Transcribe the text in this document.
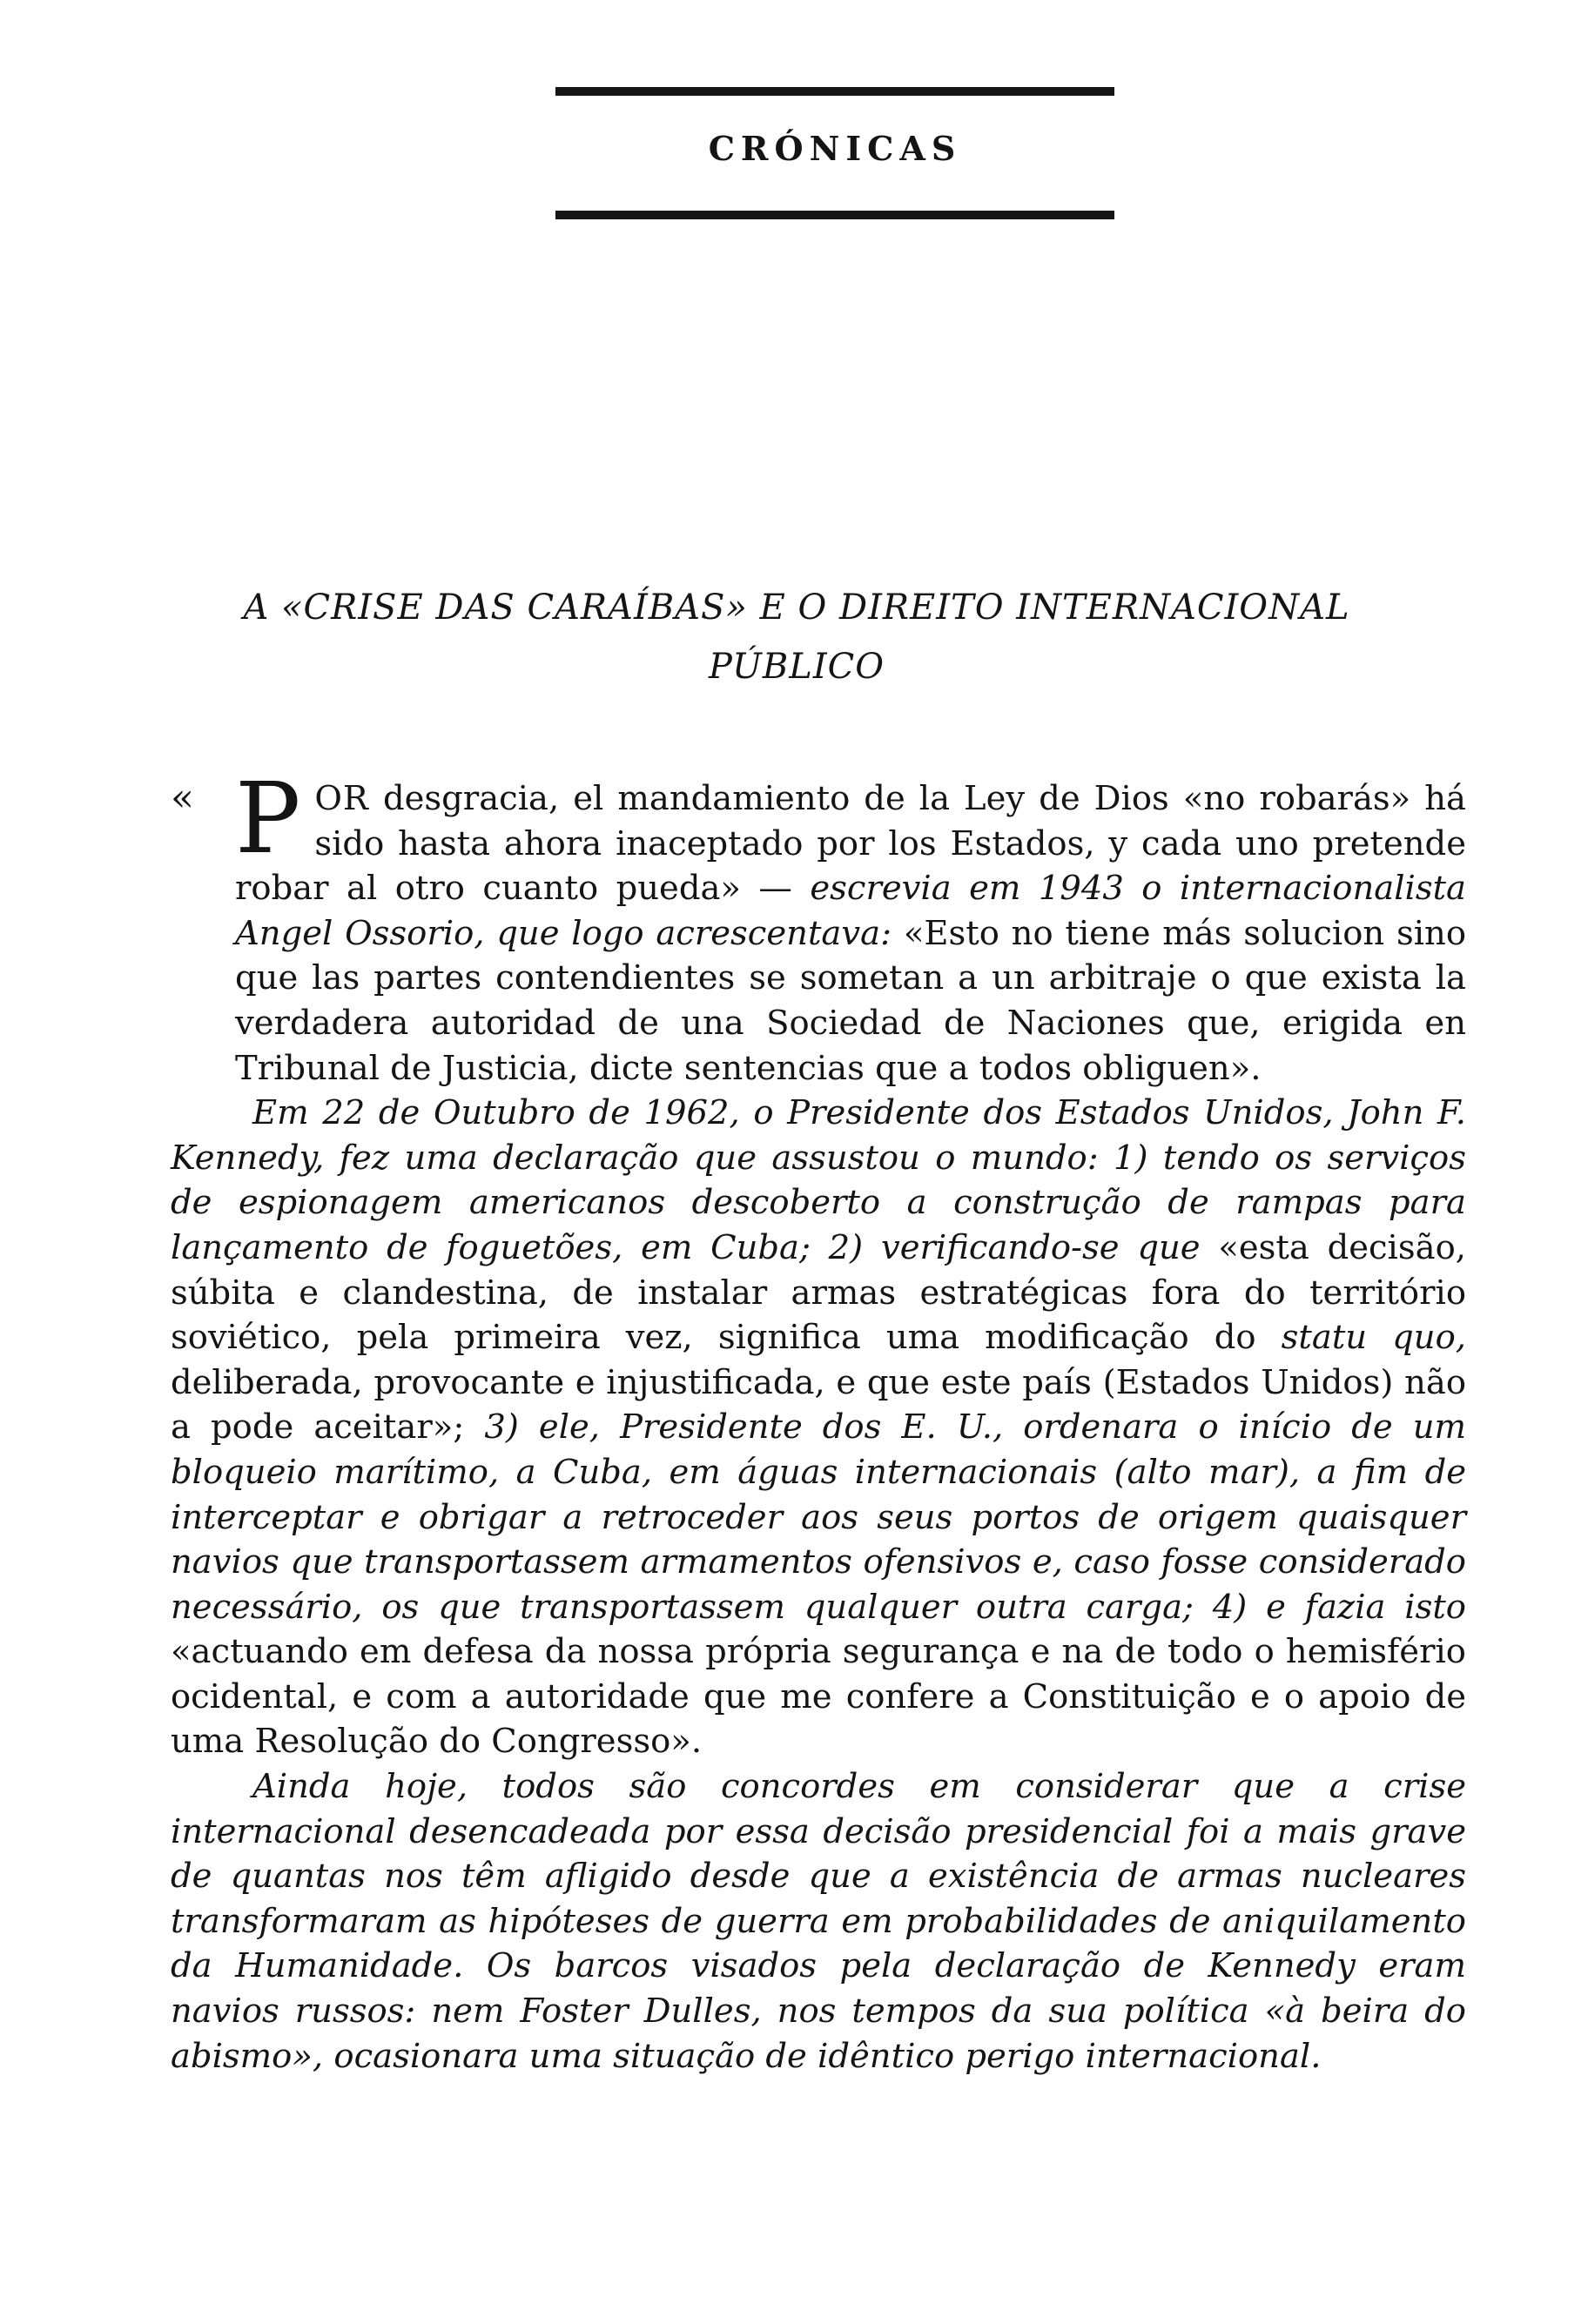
CRÓNICAS
A «CRISE DAS CARAÍBAS» E O DIREITO INTERNACIONAL
PÚBLICO

« P OR desgracia, el mandamiento de la Ley de Dios «no robarás» há sido hasta ahora inaceptado por los Estados, y cada uno pretende robar al otro cuanto pueda» — escrevia em 1943 o internacionalista Angel Ossorio, que logo acrescentava: «Esto no tiene más solucion sino que las partes contendientes se sometan a un arbitraje o que exista la verdadera autoridad de una Sociedad de Naciones que, erigida en Tribunal de Justicia, dicte sentencias que a todos obliguen».

Em 22 de Outubro de 1962, o Presidente dos Estados Unidos, John F. Kennedy, fez uma declaração que assustou o mundo: 1) tendo os serviços de espionagem americanos descoberto a construção de rampas para lançamento de foguetões, em Cuba; 2) verificando-se que «esta decisão, súbita e clandestina, de instalar armas estratégicas fora do território soviético, pela primeira vez, significa uma modificação do statu quo, deliberada, provocante e injustificada, e que este país (Estados Unidos) não a pode aceitar»; 3) ele, Presidente dos E. U., ordenara o início de um bloqueio marítimo, a Cuba, em águas internacionais (alto mar), a fim de interceptar e obrigar a retroceder aos seus portos de origem quaisquer navios que transportassem armamentos ofensivos e, caso fosse considerado necessário, os que transportassem qualquer outra carga; 4) e fazia isto «actuando em defesa da nossa própria segurança e na de todo o hemisfério ocidental, e com a autoridade que me confere a Constituição e o apoio de uma Resolução do Congresso».

Ainda hoje, todos são concordes em considerar que a crise internacional desencadeada por essa decisão presidencial foi a mais grave de quantas nos têm afligido desde que a existência de armas nucleares transformaram as hipóteses de guerra em probabilidades de aniquilamento da Humanidade. Os barcos visados pela declaração de Kennedy eram navios russos: nem Foster Dulles, nos tempos da sua política «à beira do abismo», ocasionara uma situação de idêntico perigo internacional.
